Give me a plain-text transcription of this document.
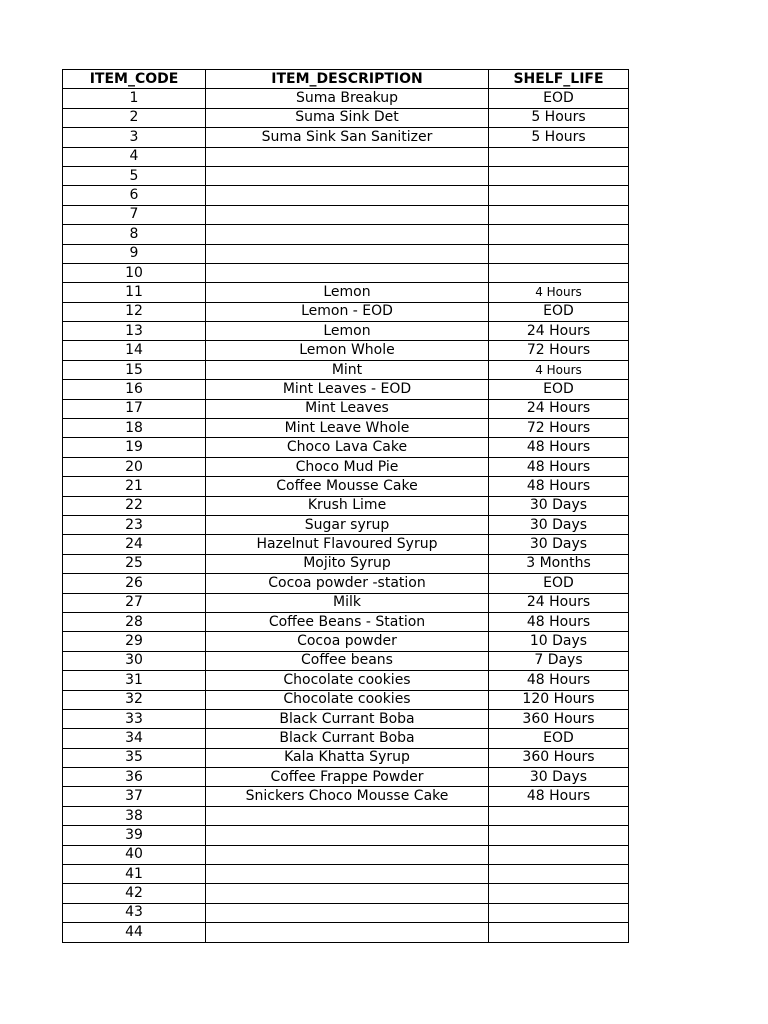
ITEM_CODE	ITEM_DESCRIPTION	SHELF_LIFE
1	Suma Breakup	EOD
2	Suma Sink Det	5 Hours
3	Suma Sink San Sanitizer	5 Hours
4		
5		
6		
7		
8		
9		
10		
11	Lemon	4 Hours
12	Lemon - EOD	EOD
13	Lemon	24 Hours
14	Lemon Whole	72 Hours
15	Mint	4 Hours
16	Mint Leaves - EOD	EOD
17	Mint Leaves	24 Hours
18	Mint Leave Whole	72 Hours
19	Choco Lava Cake	48 Hours
20	Choco Mud Pie	48 Hours
21	Coffee Mousse Cake	48 Hours
22	Krush Lime	30 Days
23	Sugar syrup	30 Days
24	Hazelnut Flavoured Syrup	30 Days
25	Mojito Syrup	3 Months
26	Cocoa powder -station	EOD
27	Milk	24 Hours
28	Coffee Beans - Station	48 Hours
29	Cocoa powder	10 Days
30	Coffee beans	7 Days
31	Chocolate cookies	48 Hours
32	Chocolate cookies	120 Hours
33	Black Currant Boba	360 Hours
34	Black Currant Boba	EOD
35	Kala Khatta Syrup	360 Hours
36	Coffee Frappe Powder	30 Days
37	Snickers Choco Mousse Cake	48 Hours
38		
39		
40		
41		
42		
43		
44		
